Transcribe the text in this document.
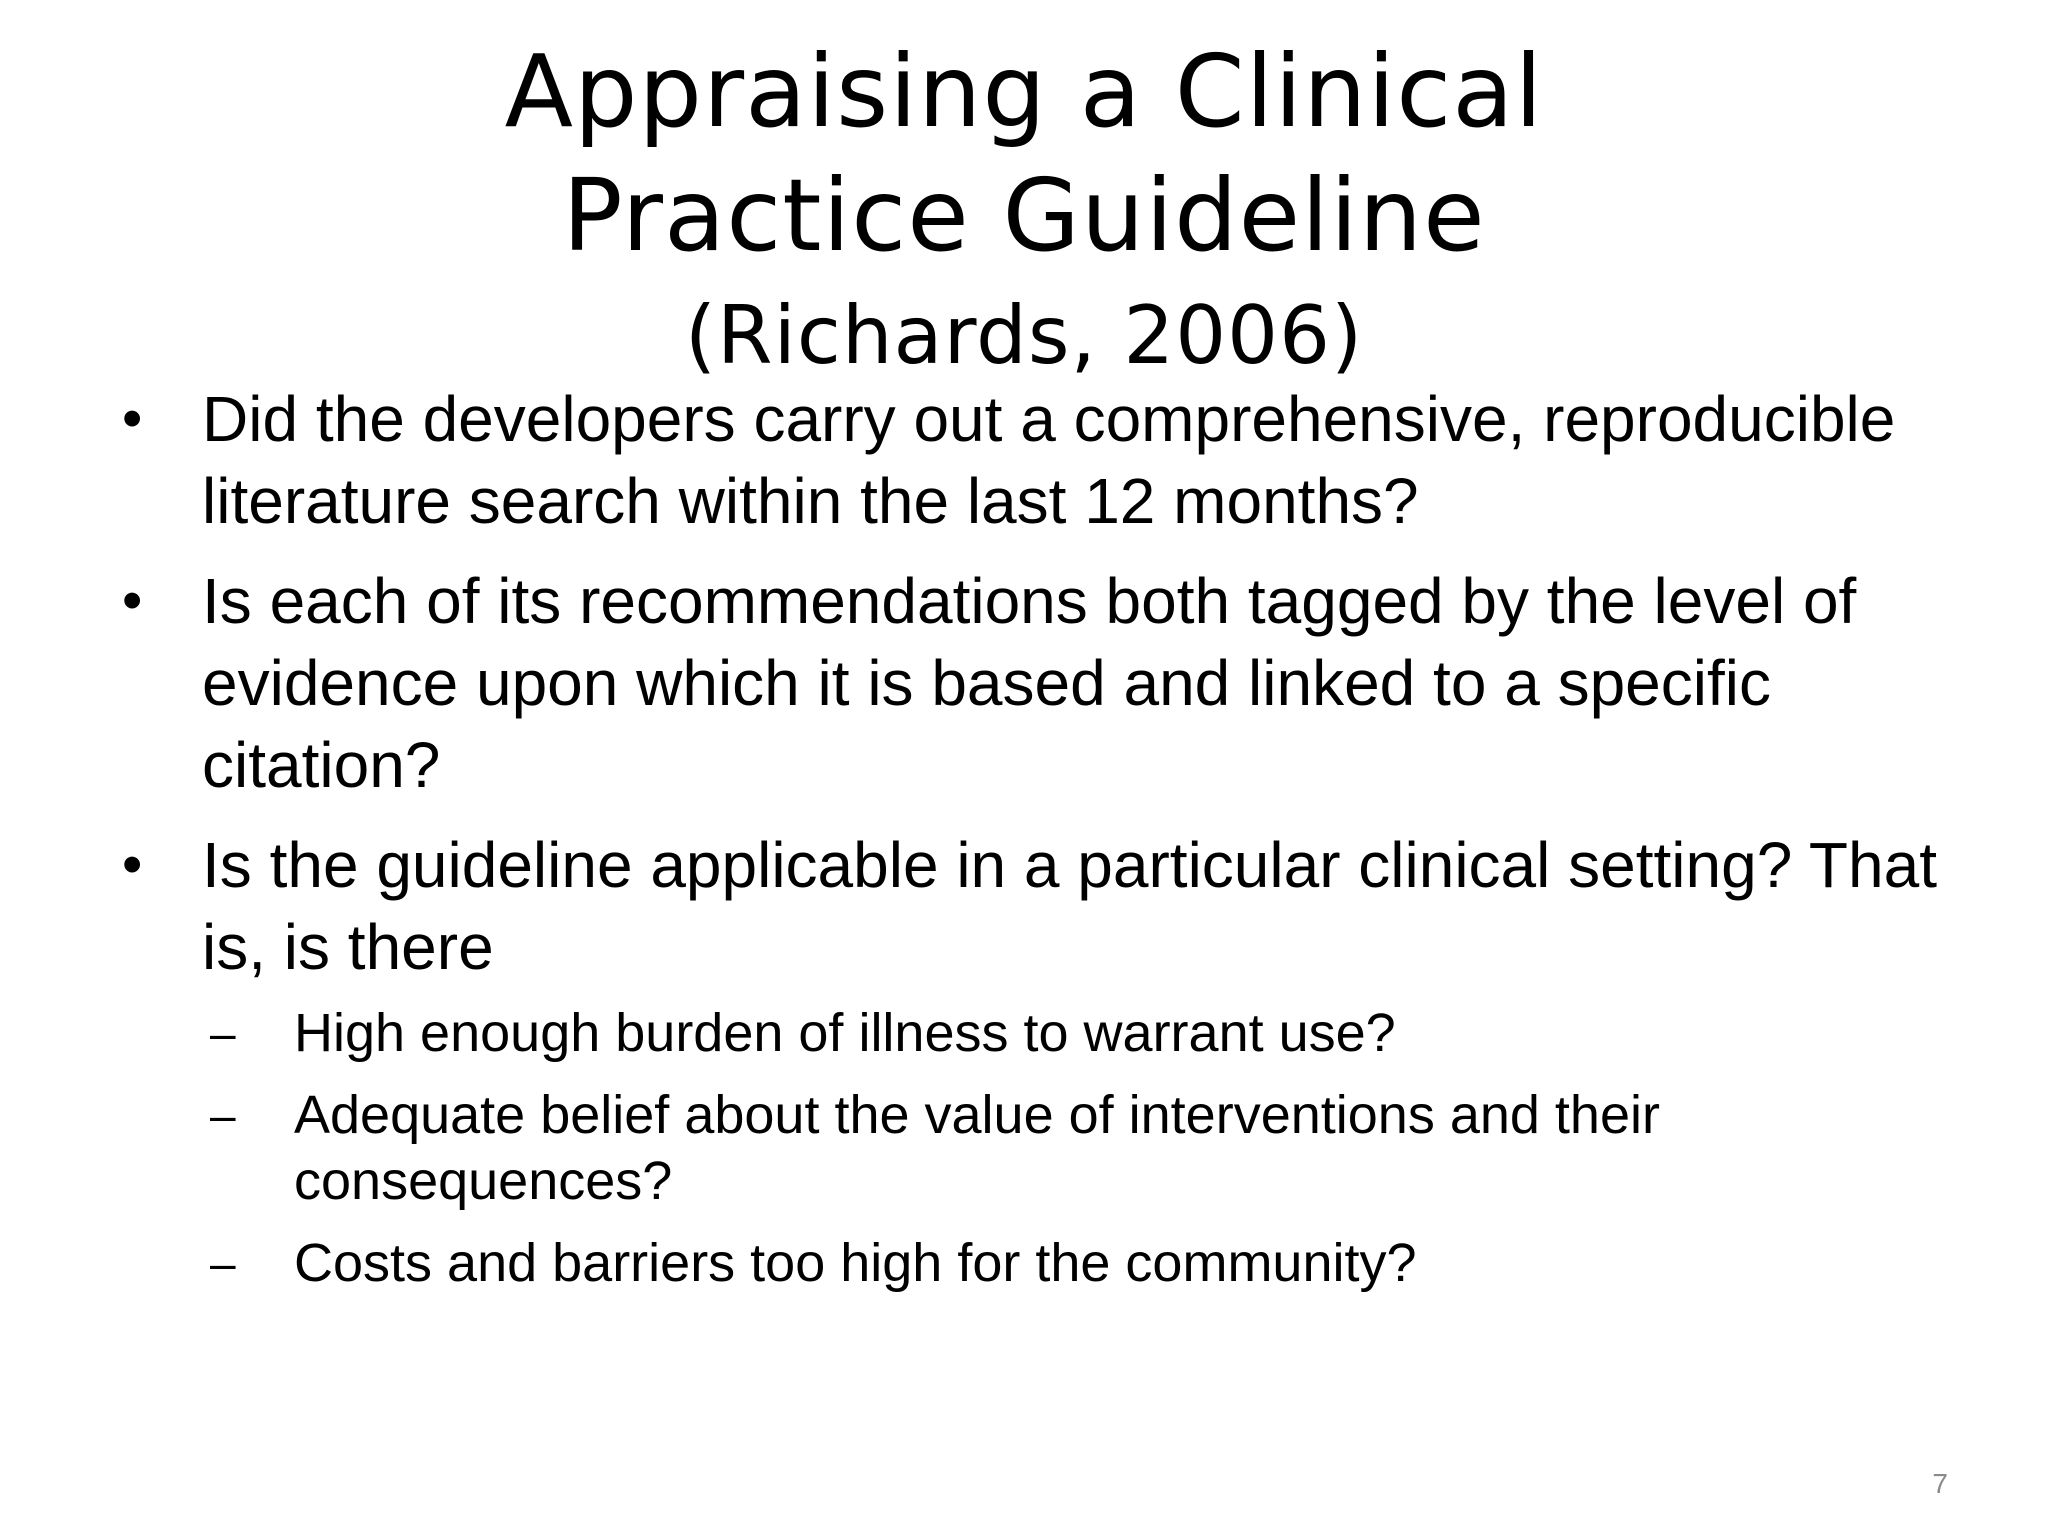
Appraising a Clinical
Practice Guideline
(Richards, 2006)
• Did the developers carry out a comprehensive, reproducible literature search within the last 12 months?
• Is each of its recommendations both tagged by the level of evidence upon which it is based and linked to a specific citation?
• Is the guideline applicable in a particular clinical setting? That is, is there
– High enough burden of illness to warrant use?
– Adequate belief about the value of interventions and their consequences?
– Costs and barriers too high for the community?
7
